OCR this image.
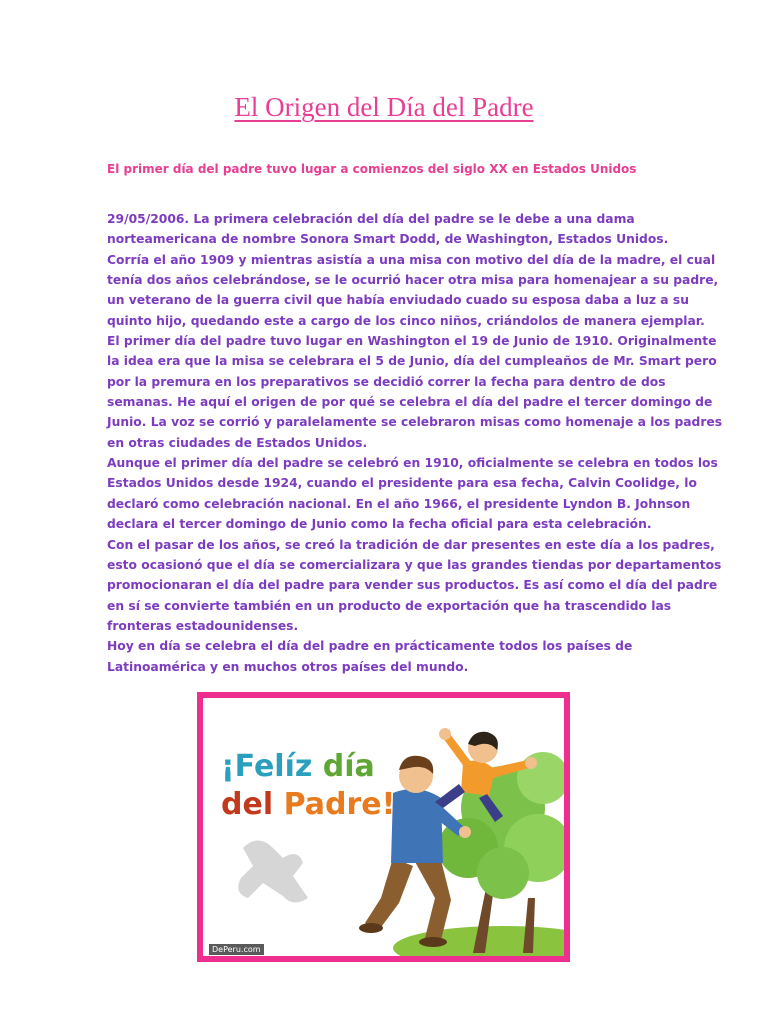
El Origen del Día del Padre
El primer día del padre tuvo lugar a comienzos del siglo XX en Estados Unidos
29/05/2006. La primera celebración del día del padre se le debe a una dama
norteamericana de nombre Sonora Smart Dodd, de Washington, Estados Unidos.
Corría el año 1909 y mientras asistía a una misa con motivo del día de la madre, el cual
tenía dos años celebrándose, se le ocurrió hacer otra misa para homenajear a su padre,
un veterano de la guerra civil que había enviudado cuado su esposa daba a luz a su
quinto hijo, quedando este a cargo de los cinco niños, criándolos de manera ejemplar.
El primer día del padre tuvo lugar en Washington el 19 de Junio de 1910. Originalmente
la idea era que la misa se celebrara el 5 de Junio, día del cumpleaños de Mr. Smart pero
por la premura en los preparativos se decidió correr la fecha para dentro de dos
semanas. He aquí el origen de por qué se celebra el día del padre el tercer domingo de
Junio. La voz se corrió y paralelamente se celebraron misas como homenaje a los padres
en otras ciudades de Estados Unidos.
Aunque el primer día del padre se celebró en 1910, oficialmente se celebra en todos los
Estados Unidos desde 1924, cuando el presidente para esa fecha, Calvin Coolidge, lo
declaró como celebración nacional. En el año 1966, el presidente Lyndon B. Johnson
declara el tercer domingo de Junio como la fecha oficial para esta celebración.
Con el pasar de los años, se creó la tradición de dar presentes en este día a los padres,
esto ocasionó que el día se comercializara y que las grandes tiendas por departamentos
promocionaran el día del padre para vender sus productos. Es así como el día del padre
en sí se convierte también en un producto de exportación que ha trascendido las
fronteras estadounidenses.
Hoy en día se celebra el día del padre en prácticamente todos los países de
Latinoamérica y en muchos otros países del mundo.
¡Felíz día
del Padre!
DePeru.com
